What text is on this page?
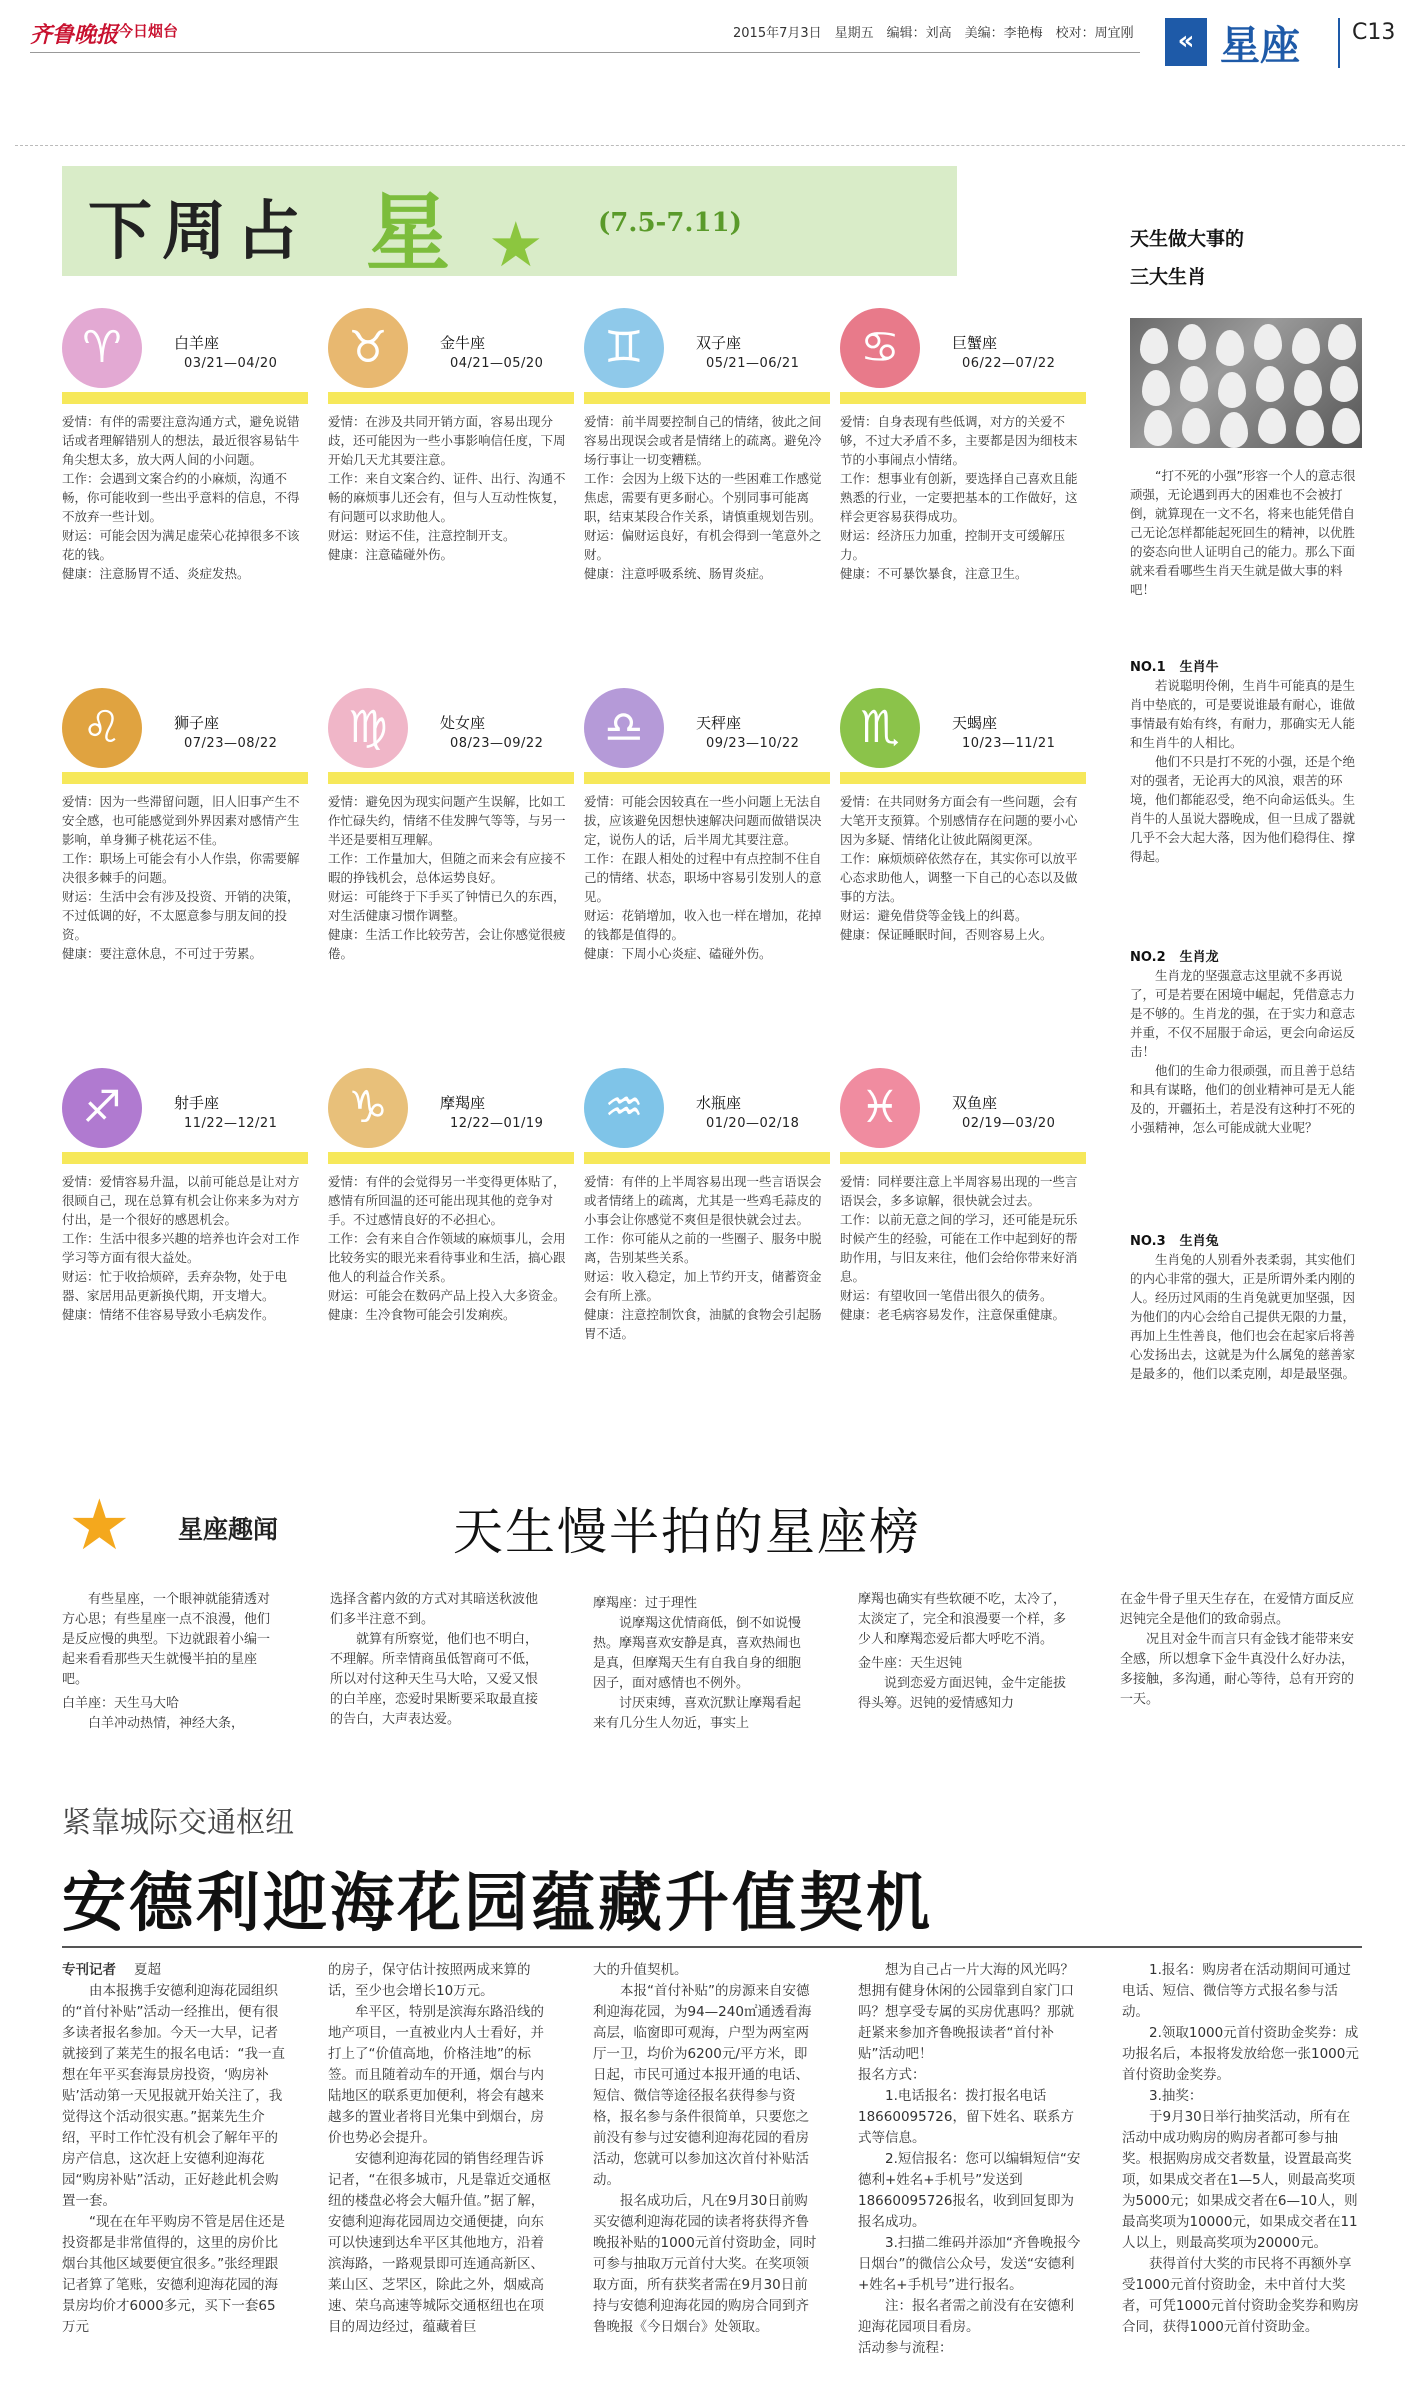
齐鲁晚报 今日烟台	2015年7月3日　星期五　编辑：刘高　美编：李艳梅　校对：周宜刚	« 星座 C13
下周占 星 ★ (7.5-7.11)
♈	白羊座
03/21—04/20

爱情：有伴的需要注意沟通方式，避免说错话或者理解错别人的想法，最近很容易钻牛角尖想太多，放大两人间的小问题。

工作：会遇到文案合约的小麻烦，沟通不畅，你可能收到一些出乎意料的信息，不得不放弃一些计划。

财运：可能会因为满足虚荣心花掉很多不该花的钱。

健康：注意肠胃不适、炎症发热。

♉	金牛座
04/21—05/20

爱情：在涉及共同开销方面，容易出现分歧，还可能因为一些小事影响信任度，下周开始几天尤其要注意。

工作：来自文案合约、证件、出行、沟通不畅的麻烦事儿还会有，但与人互动性恢复，有问题可以求助他人。

财运：财运不佳，注意控制开支。

健康：注意磕碰外伤。

♊	双子座
05/21—06/21

爱情：前半周要控制自己的情绪，彼此之间容易出现误会或者是情绪上的疏离。避免冷场行事让一切变糟糕。

工作：会因为上级下达的一些困难工作感觉焦虑，需要有更多耐心。个别同事可能离职，结束某段合作关系，请慎重规划告别。

财运：偏财运良好，有机会得到一笔意外之财。

健康：注意呼吸系统、肠胃炎症。

♋	巨蟹座
06/22—07/22

爱情：自身表现有些低调，对方的关爱不够，不过大矛盾不多，主要都是因为细枝末节的小事闹点小情绪。

工作：想事业有创新，要选择自己喜欢且能熟悉的行业，一定要把基本的工作做好，这样会更容易获得成功。

财运：经济压力加重，控制开支可缓解压力。

健康：不可暴饮暴食，注意卫生。

♌	狮子座
07/23—08/22

爱情：因为一些滞留问题，旧人旧事产生不安全感，也可能感觉到外界因素对感情产生影响，单身狮子桃花运不佳。

工作：职场上可能会有小人作祟，你需要解决很多棘手的问题。

财运：生活中会有涉及投资、开销的决策，不过低调的好，不太愿意参与朋友间的投资。

健康：要注意休息，不可过于劳累。

♍	处女座
08/23—09/22

爱情：避免因为现实问题产生误解，比如工作忙碌失约，情绪不佳发脾气等等，与另一半还是要相互理解。

工作：工作量加大，但随之而来会有应接不暇的挣钱机会，总体运势良好。

财运：可能终于下手买了钟情已久的东西，对生活健康习惯作调整。

健康：生活工作比较劳苦，会让你感觉很疲倦。

♎	天秤座
09/23—10/22

爱情：可能会因较真在一些小问题上无法自拔，应该避免因想快速解决问题而做错误决定，说伤人的话，后半周尤其要注意。

工作：在跟人相处的过程中有点控制不住自己的情绪、状态，职场中容易引发别人的意见。

财运：花销增加，收入也一样在增加，花掉的钱都是值得的。

健康：下周小心炎症、磕碰外伤。

♏	天蝎座
10/23—11/21

爱情：在共同财务方面会有一些问题，会有大笔开支预算。个别感情存在问题的要小心因为多疑、情绪化让彼此隔阂更深。

工作：麻烦烦碎依然存在，其实你可以放平心态求助他人，调整一下自己的心态以及做事的方法。

财运：避免借贷等金钱上的纠葛。

健康：保证睡眠时间，否则容易上火。

♐	射手座
11/22—12/21

爱情：爱情容易升温，以前可能总是让对方很顾自己，现在总算有机会让你来多为对方付出，是一个很好的感恩机会。

工作：生活中很多兴趣的培养也许会对工作学习等方面有很大益处。

财运：忙于收拾烦碎，丢弃杂物，处于电器、家居用品更新换代期，开支增大。

健康：情绪不佳容易导致小毛病发作。

♑	摩羯座
12/22—01/19

爱情：有伴的会觉得另一半变得更体贴了，感情有所回温的还可能出现其他的竞争对手。不过感情良好的不必担心。

工作：会有来自合作领域的麻烦事儿，会用比较务实的眼光来看待事业和生活，搞心跟他人的利益合作关系。

财运：可能会在数码产品上投入大多资金。

健康：生冷食物可能会引发痢疾。

♒	水瓶座
01/20—02/18

爱情：有伴的上半周容易出现一些言语误会或者情绪上的疏离，尤其是一些鸡毛蒜皮的小事会让你感觉不爽但是很快就会过去。

工作：你可能从之前的一些圈子、服务中脱离，告别某些关系。

财运：收入稳定，加上节约开支，储蓄资金会有所上涨。

健康：注意控制饮食，油腻的食物会引起肠胃不适。

♓	双鱼座
02/19—03/20

爱情：同样要注意上半周容易出现的一些言语误会，多多谅解，很快就会过去。

工作：以前无意之间的学习，还可能是玩乐时候产生的经验，可能在工作中起到好的帮助作用，与旧友来往，他们会给你带来好消息。

财运：有望收回一笔借出很久的债务。

健康：老毛病容易发作，注意保重健康。

天生做大事的
三大生肖

“打不死的小强”形容一个人的意志很顽强，无论遇到再大的困难也不会被打倒，就算现在一文不名，将来也能凭借自己无论怎样都能起死回生的精神，以优胜的姿态向世人证明自己的能力。那么下面就来看看哪些生肖天生就是做大事的料吧！

NO.1 生肖牛

若说聪明伶俐，生肖牛可能真的是生肖中垫底的，可是要说谁最有耐心，谁做事情最有始有终，有耐力，那确实无人能和生肖牛的人相比。

他们不只是打不死的小强，还是个绝对的强者，无论再大的风浪，艰苦的环境，他们都能忍受，绝不向命运低头。生肖牛的人虽说大器晚成，但一旦成了器就几乎不会大起大落，因为他们稳得住、撑得起。

NO.2 生肖龙

生肖龙的坚强意志这里就不多再说了，可是若要在困境中崛起，凭借意志力是不够的。生肖龙的强，在于实力和意志并重，不仅不屈服于命运，更会向命运反击！

他们的生命力很顽强，而且善于总结和具有谋略，他们的创业精神可是无人能及的，开疆拓土，若是没有这种打不死的小强精神，怎么可能成就大业呢？

NO.3 生肖兔

生肖兔的人别看外表柔弱，其实他们的内心非常的强大，正是所谓外柔内刚的人。经历过风雨的生肖兔就更加坚强，因为他们的内心会给自己提供无限的力量，再加上生性善良，他们也会在起家后将善心发扬出去，这就是为什么属兔的慈善家是最多的，他们以柔克刚，却是最坚强。

★ 星座趣闻	天生慢半拍的星座榜

有些星座，一个眼神就能猜透对方心思；有些星座一点不浪漫，他们是反应慢的典型。下边就跟着小编一起来看看那些天生就慢半拍的星座吧。

白羊座：天生马大哈

白羊冲动热情，神经大条，

选择含蓄内敛的方式对其暗送秋波他们多半注意不到。

就算有所察觉，他们也不明白，不理解。所幸情商虽低智商可不低，所以对付这种天生马大哈，又爱又恨的白羊座，恋爱时果断要采取最直接的告白，大声表达爱。

摩羯座：过于理性

说摩羯这优情商低，倒不如说慢热。摩羯喜欢安静是真，喜欢热闹也是真，但摩羯天生有自我自身的细胞因子，面对感情也不例外。

讨厌束缚，喜欢沉默让摩羯看起来有几分生人勿近，事实上

摩羯也确实有些软硬不吃，太冷了，太淡定了，完全和浪漫要一个样，多少人和摩羯恋爱后都大呼吃不消。

金牛座：天生迟钝

说到恋爱方面迟钝，金牛定能拔得头筹。迟钝的爱情感知力

在金牛骨子里天生存在，在爱情方面反应迟钝完全是他们的致命弱点。

况且对金牛而言只有金钱才能带来安全感，所以想拿下金牛真没什么好办法，多接触，多沟通，耐心等待，总有开窍的一天。

紧靠城际交通枢纽
安德利迎海花园蕴藏升值契机

专刊记者 夏超

由本报携手安德利迎海花园组织的“首付补贴”活动一经推出，便有很多读者报名参加。今天一大早，记者就接到了莱芜生的报名电话：“我一直想在年平买套海景房投资，‘购房补贴’活动第一天见报就开始关注了，我觉得这个活动很实惠。”据莱先生介绍，平时工作忙没有机会了解年平的房产信息，这次赶上安德利迎海花园“购房补贴”活动，正好趁此机会购置一套。

“现在在年平购房不管是居住还是投资都是非常值得的，这里的房价比烟台其他区域要便宜很多。”张经理跟记者算了笔账，安德利迎海花园的海景房均价才6000多元，买下一套65万元

的房子，保守估计按照两成来算的话，至少也会增长10万元。

牟平区，特别是滨海东路沿线的地产项目，一直被业内人士看好，并打上了“价值高地，价格洼地”的标签。而且随着动车的开通，烟台与内陆地区的联系更加便利，将会有越来越多的置业者将目光集中到烟台，房价也势必会提升。

安德利迎海花园的销售经理告诉记者，“在很多城市，凡是靠近交通枢纽的楼盘必将会大幅升值。”据了解，安德利迎海花园周边交通便捷，向东可以快速到达牟平区其他地方，沿着滨海路，一路观景即可连通高新区、莱山区、芝罘区，除此之外，烟威高速、荣乌高速等城际交通枢纽也在项目的周边经过，蕴藏着巨

大的升值契机。

本报“首付补贴”的房源来自安德利迎海花园，为94—240㎡通透看海高层，临窗即可观海，户型为两室两厅一卫，均价为6200元/平方米，即日起，市民可通过本报开通的电话、短信、微信等途径报名获得参与资格，报名参与条件很简单，只要您之前没有参与过安德利迎海花园的看房活动，您就可以参加这次首付补贴活动。

报名成功后，凡在9月30日前购买安德利迎海花园的读者将获得齐鲁晚报补贴的1000元首付资助金，同时可参与抽取万元首付大奖。在奖项领取方面，所有获奖者需在9月30日前持与安德利迎海花园的购房合同到齐鲁晚报《今日烟台》处领取。

想为自己占一片大海的风光吗？想拥有健身休闲的公园靠到自家门口吗？想享受专属的买房优惠吗？那就赶紧来参加齐鲁晚报读者“首付补贴”活动吧！

报名方式：

1.电话报名：拨打报名电话18660095726，留下姓名、联系方式等信息。

2.短信报名：您可以编辑短信“安德利+姓名+手机号”发送到18660095726报名，收到回复即为报名成功。

3.扫描二维码并添加“齐鲁晚报今日烟台”的微信公众号，发送“安德利+姓名+手机号”进行报名。

注：报名者需之前没有在安德利迎海花园项目看房。

活动参与流程：

1.报名：购房者在活动期间可通过电话、短信、微信等方式报名参与活动。

2.领取1000元首付资助金奖券：成功报名后，本报将发放给您一张1000元首付资助金奖券。

3.抽奖：

于9月30日举行抽奖活动，所有在活动中成功购房的购房者都可参与抽奖。根据购房成交者数量，设置最高奖项，如果成交者在1—5人，则最高奖项为5000元；如果成交者在6—10人，则最高奖项为10000元，如果成交者在11人以上，则最高奖项为20000元。

获得首付大奖的市民将不再额外享受1000元首付资助金，未中首付大奖者，可凭1000元首付资助金奖券和购房合同，获得1000元首付资助金。
